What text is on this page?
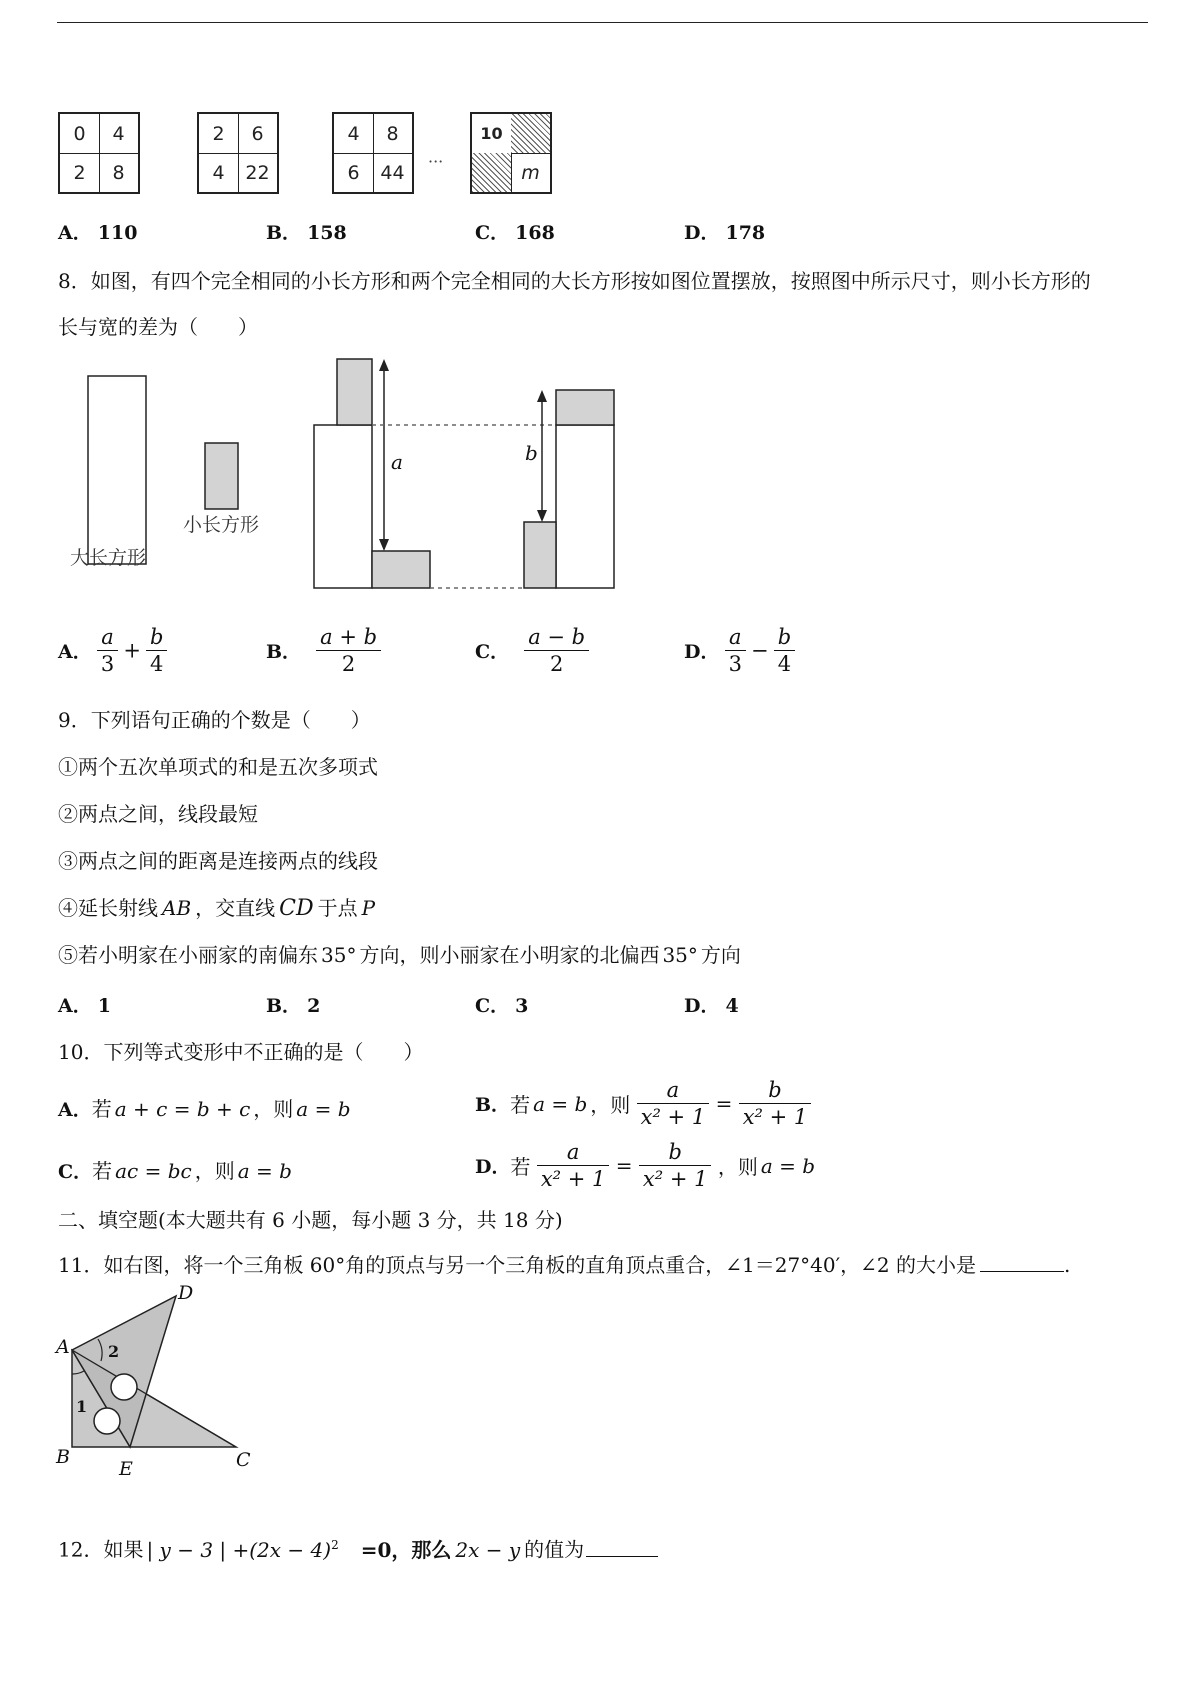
0	4
2	8
2	6
4	22
4	8
6	44	···
10
m
A． 110	B． 158	C． 168	D． 178
8．如图，有四个完全相同的小长方形和两个完全相同的大长方形按如图位置摆放，按照图中所示尺寸，则小长方形的
长与宽的差为（　　）
大长方形
小长方形
a	b
A． $\frac{a}{3} + \frac{b}{4}$	B． $\frac{a + b}{2}$	C． $\frac{a - b}{2}$	D． $\frac{a}{3} - \frac{b}{4}$
9．下列语句正确的个数是（　　）
①两个五次单项式的和是五次多项式
②两点之间，线段最短
③两点之间的距离是连接两点的线段
④延长射线 AB ，交直线 CD 于点 P
⑤若小明家在小丽家的南偏东 35° 方向，则小丽家在小明家的北偏西 35° 方向
A． 1	B． 2	C． 3	D． 4
10．下列等式变形中不正确的是（　　）
A．若 a + c = b + c ，则 a = b	B．若 a = b ，则 $\frac{a}{\text{x² + 1}} = \frac{b}{\text{x² + 1}}$
C．若 ac = bc ，则 a = b	D．若 $\frac{a}{\text{x² + 1}} = \frac{b}{\text{x² + 1}}$ ，则 a = b
二、填空题(本大题共有 6 小题，每小题 3 分，共 18 分)
11．如右图，将一个三角板 60°角的顶点与另一个三角板的直角顶点重合，∠1＝27°40′，∠2 的大小是	.
A
D
B
E	C
1
2
12．如果 | y − 3 | $+(2x - 4)^2 =0$，那么 2x − y 的值为
